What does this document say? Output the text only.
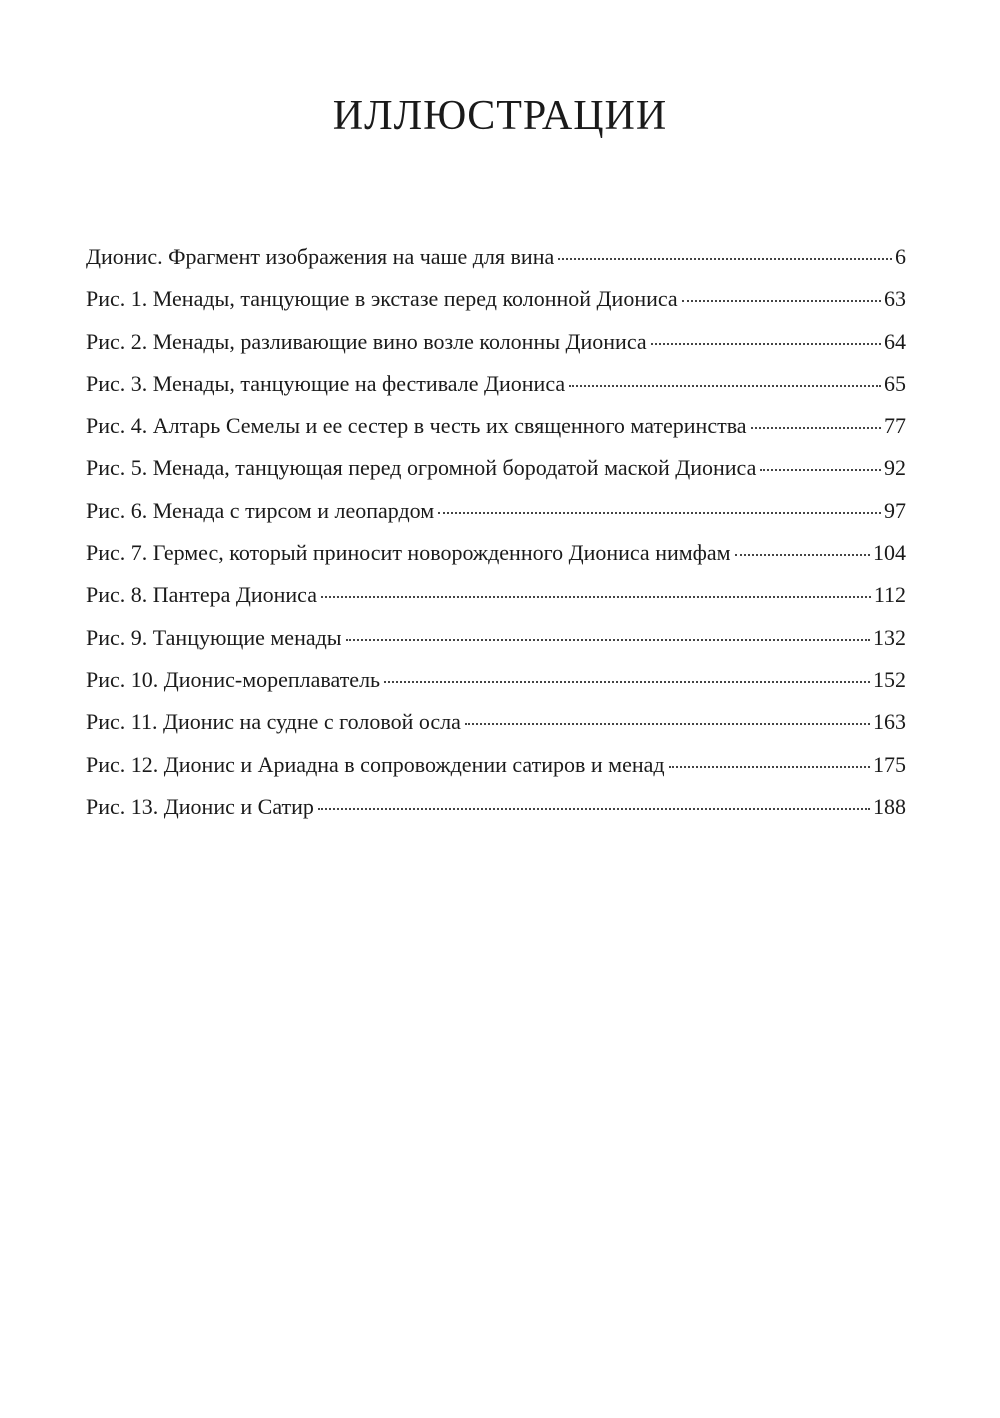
ИЛЛЮСТРАЦИИ
Дионис. Фрагмент изображения на чаше для вина	6
Рис. 1. Менады, танцующие в экстазе перед колонной Диониса	63
Рис. 2. Менады, разливающие вино возле колонны Диониса	64
Рис. 3. Менады, танцующие на фестивале Диониса	65
Рис. 4. Алтарь Семелы и ее сестер в честь их священного материнства	77
Рис. 5. Менада, танцующая перед огромной бородатой маской Диониса	92
Рис. 6. Менада с тирсом и леопардом	97
Рис. 7. Гермес, который приносит новорожденного Диониса нимфам	104
Рис. 8. Пантера Диониса	112
Рис. 9. Танцующие менады	132
Рис. 10. Дионис-мореплаватель	152
Рис. 11. Дионис на судне с головой осла	163
Рис. 12. Дионис и Ариадна в сопровождении сатиров и менад	175
Рис. 13. Дионис и Сатир	188
